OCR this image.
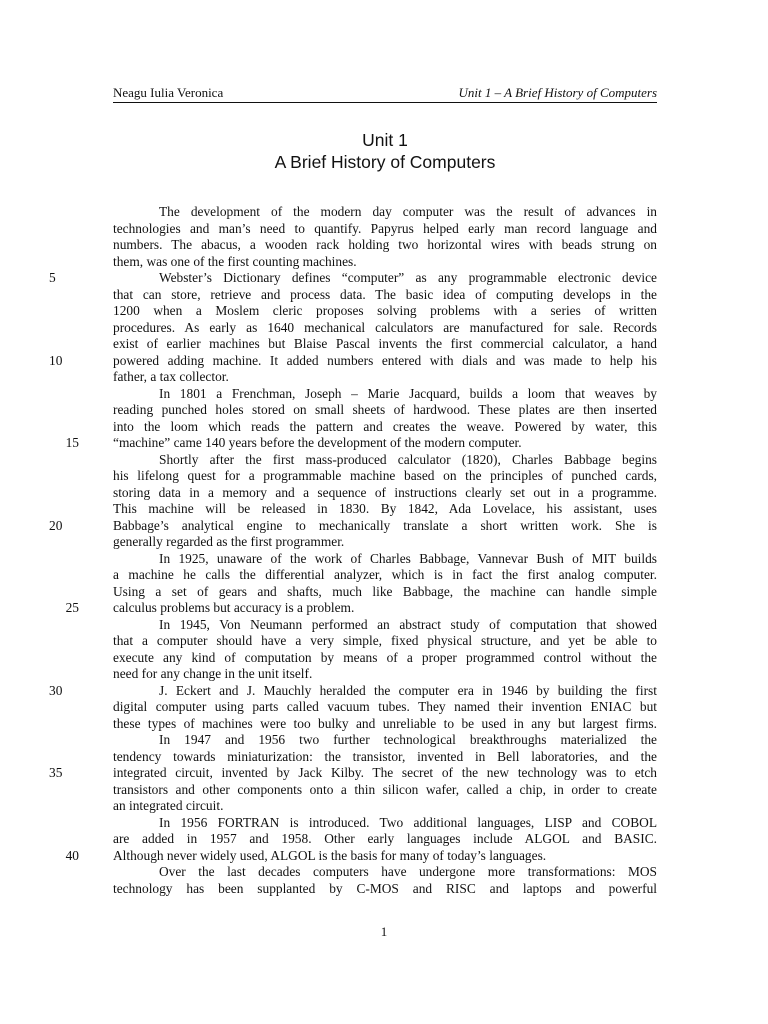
Neagu Iulia Veronica	Unit 1 – A Brief History of Computers
Unit 1
A Brief History of Computers
The development of the modern day computer was the result of advances in
technologies and man’s need to quantify. Papyrus helped early man record language and
numbers. The abacus, a wooden rack holding two horizontal wires with beads strung on
them, was one of the first counting machines.
5	Webster’s Dictionary defines “computer” as any programmable electronic device
that can store, retrieve and process data. The basic idea of computing develops in the
1200 when a Moslem cleric proposes solving problems with a series of written
procedures. As early as 1640 mechanical calculators are manufactured for sale. Records
exist of earlier machines but Blaise Pascal invents the first commercial calculator, a hand
10	powered adding machine. It added numbers entered with dials and was made to help his
father, a tax collector.
In 1801 a Frenchman, Joseph – Marie Jacquard, builds a loom that weaves by
reading punched holes stored on small sheets of hardwood. These plates are then inserted
into the loom which reads the pattern and creates the weave. Powered by water, this
15	“machine” came 140 years before the development of the modern computer.
Shortly after the first mass-produced calculator (1820), Charles Babbage begins
his lifelong quest for a programmable machine based on the principles of punched cards,
storing data in a memory and a sequence of instructions clearly set out in a programme.
This machine will be released in 1830. By 1842, Ada Lovelace, his assistant, uses
20	Babbage’s analytical engine to mechanically translate a short written work. She is
generally regarded as the first programmer.
In 1925, unaware of the work of Charles Babbage, Vannevar Bush of MIT builds
a machine he calls the differential analyzer, which is in fact the first analog computer.
Using a set of gears and shafts, much like Babbage, the machine can handle simple
25	calculus problems but accuracy is a problem.
In 1945, Von Neumann performed an abstract study of computation that showed
that a computer should have a very simple, fixed physical structure, and yet be able to
execute any kind of computation by means of a proper programmed control without the
need for any change in the unit itself.
30	J. Eckert and J. Mauchly heralded the computer era in 1946 by building the first
digital computer using parts called vacuum tubes. They named their invention ENIAC but
these types of machines were too bulky and unreliable to be used in any but largest firms.
In 1947 and 1956 two further technological breakthroughs materialized the
tendency towards miniaturization: the transistor, invented in Bell laboratories, and the
35	integrated circuit, invented by Jack Kilby. The secret of the new technology was to etch
transistors and other components onto a thin silicon wafer, called a chip, in order to create
an integrated circuit.
In 1956 FORTRAN is introduced. Two additional languages, LISP and COBOL
are added in 1957 and 1958. Other early languages include ALGOL and BASIC.
40	Although never widely used, ALGOL is the basis for many of today’s languages.
Over the last decades computers have undergone more transformations: MOS
technology has been supplanted by C-MOS and RISC and laptops and powerful
1
